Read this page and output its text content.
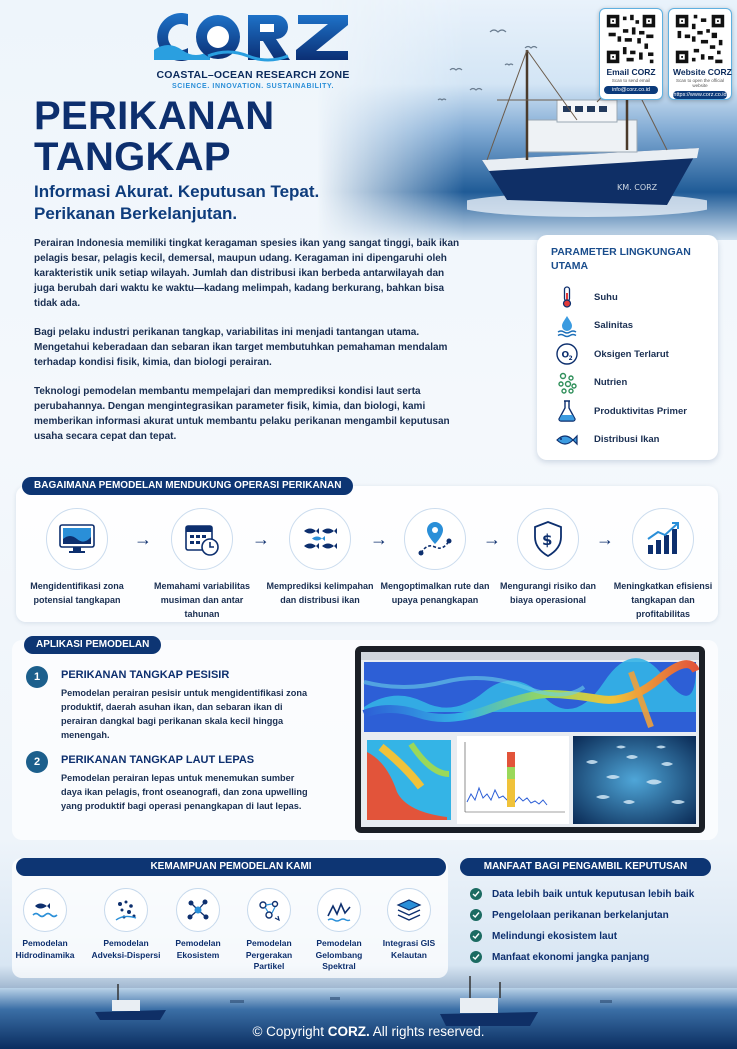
KM. CORZ
COASTAL–OCEAN RESEARCH ZONE
SCIENCE. INNOVATION. SUSTAINABILITY.
Email CORZ
Scan to send email
info@corz.co.id
Website CORZ
Scan to open the official website
https://www.corz.co.id
PERIKANAN
TANGKAP
Informasi Akurat. Keputusan Tepat.
Perikanan Berkelanjutan.

Perairan Indonesia memiliki tingkat keragaman spesies ikan yang sangat tinggi, baik ikan pelagis besar, pelagis kecil, demersal, maupun udang. Keragaman ini dipengaruhi oleh karakteristik unik setiap wilayah. Jumlah dan distribusi ikan berbeda antarwilayah dan juga berubah dari waktu ke waktu—kadang melimpah, kadang berkurang, bahkan bisa tidak ada.

Bagi pelaku industri perikanan tangkap, variabilitas ini menjadi tantangan utama. Mengetahui keberadaan dan sebaran ikan target membutuhkan pemahaman mendalam terhadap kondisi fisik, kimia, dan biologi perairan.

Teknologi pemodelan membantu mempelajari dan memprediksi kondisi laut serta perubahannya. Dengan mengintegrasikan parameter fisik, kimia, dan biologi, kami memberikan informasi akurat untuk membantu pelaku perikanan mengambil keputusan usaha secara cepat dan tepat.

PARAMETER LINGKUNGAN UTAMA
Suhu
Salinitas
O 2 Oksigen Terlarut
Nutrien
Produktivitas Primer
Distribusi Ikan
BAGAIMANA PEMODELAN MENDUKUNG OPERASI PERIKANAN
Mengidentifikasi zona potensial tangkapan
→
Memahami variabilitas musiman dan antar tahunan
→
Memprediksi kelimpahan dan distribusi ikan
→
Mengoptimalkan rute dan upaya penangkapan
→	$
Mengurangi risiko dan biaya operasional
→
Meningkatkan efisiensi tangkapan dan profitabilitas
APLIKASI PEMODELAN
1	PERIKANAN TANGKAP PESISIR
Pemodelan perairan pesisir untuk mengidentifikasi zona produktif, daerah asuhan ikan, dan sebaran ikan di perairan dangkal bagi perikanan skala kecil hingga menengah.
2	PERIKANAN TANGKAP LAUT LEPAS
Pemodelan perairan lepas untuk menemukan sumber daya ikan pelagis, front oseanografi, dan zona upwelling yang produktif bagi operasi penangkapan di laut lepas.
KEMAMPUAN PEMODELAN KAMI
Pemodelan Hidrodinamika
Pemodelan Adveksi-Dispersi
Pemodelan Ekosistem
Pemodelan Pergerakan Partikel
Pemodelan Gelombang Spektral
Integrasi GIS Kelautan
MANFAAT BAGI PENGAMBIL KEPUTUSAN
Data lebih baik untuk keputusan lebih baik
Pengelolaan perikanan berkelanjutan
Melindungi ekosistem laut
Manfaat ekonomi jangka panjang
© Copyright CORZ. All rights reserved.
